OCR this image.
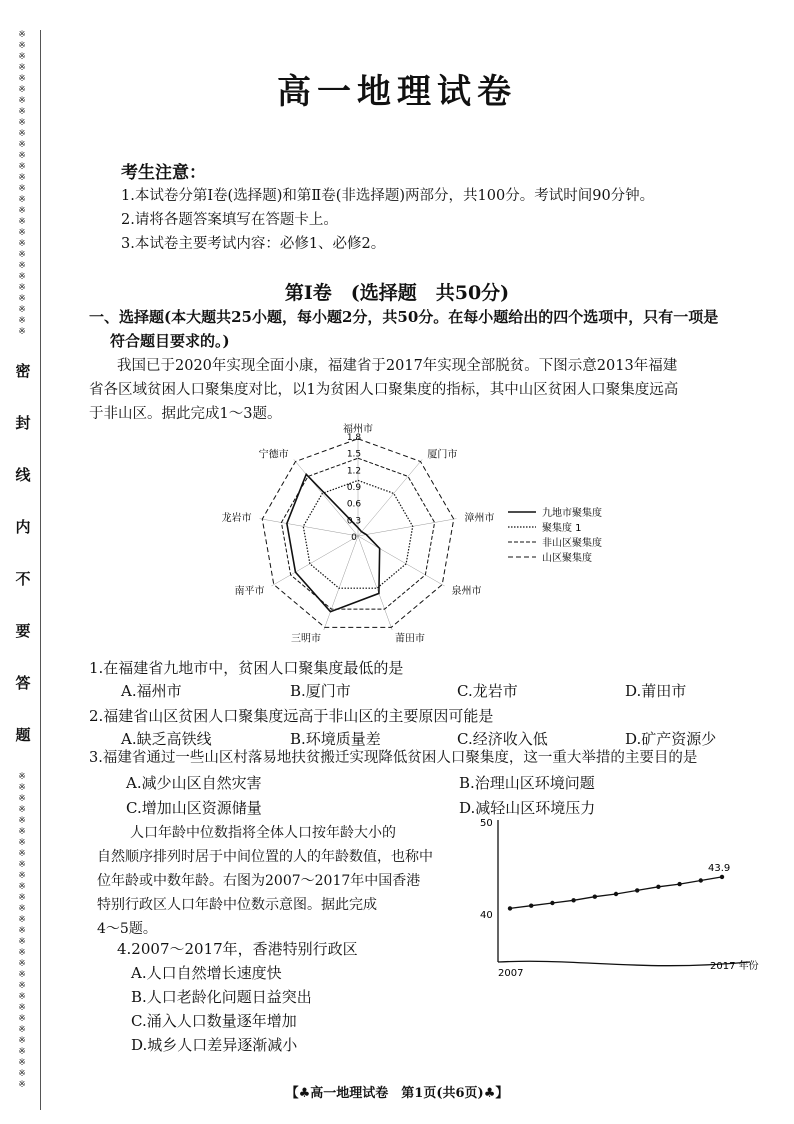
※
※
※
※
※
※
※
※
※
※
※
※
※
※
※
※
※
※
※
※
※
※
※
※
※
※
※
※
密
封
线
内
不
要
答
题
※
※
※
※
※
※
※
※
※
※
※
※
※
※
※
※
※
※
※
※
※
※
※
※
※
※
※
※
※
高一地理试卷
考生注意：
1.本试卷分第Ⅰ卷(选择题)和第Ⅱ卷(非选择题)两部分，共100分。考试时间90分钟。
2.请将各题答案填写在答题卡上。
3.本试卷主要考试内容：必修1、必修2。
第Ⅰ卷　(选择题　共50分)
一、选择题(本大题共25小题，每小题2分，共50分。在每小题给出的四个选项中，只有一项是
符合题目要求的。)
我国已于2020年实现全面小康，福建省于2017年实现全部脱贫。下图示意2013年福建
省各区域贫困人口聚集度对比，以1为贫困人口聚集度的指标，其中山区贫困人口聚集度远高
于非山区。据此完成1～3题。
福州市
厦门市
漳州市
泉州市
莆田市
三明市
南平市
龙岩市
宁德市
0
0.3
0.6
0.9
1.2
1.5
1.8
九地市聚集度
聚集度 1
非山区聚集度
山区聚集度
1.在福建省九地市中，贫困人口聚集度最低的是
A.福州市	B.厦门市	C.龙岩市	D.莆田市
2.福建省山区贫困人口聚集度远高于非山区的主要原因可能是
A.缺乏高铁线	B.环境质量差	C.经济收入低	D.矿产资源少
3.福建省通过一些山区村落易地扶贫搬迁实现降低贫困人口聚集度，这一重大举措的主要目的是
A.减少山区自然灾害	B.治理山区环境问题
C.增加山区资源储量	D.减轻山区环境压力
人口年龄中位数指将全体人口按年龄大小的
自然顺序排列时居于中间位置的人的年龄数值，也称中
位年龄或中数年龄。右图为2007～2017年中国香港
特别行政区人口年龄中位数示意图。据此完成
4～5题。
4.2007～2017年，香港特别行政区
A.人口自然增长速度快
B.人口老龄化问题日益突出
C.涌入人口数量逐年增加
D.城乡人口差异逐渐减小
50
40
2007
2017 年份
43.9
【♣高一地理试卷　第1页(共6页)♣】
